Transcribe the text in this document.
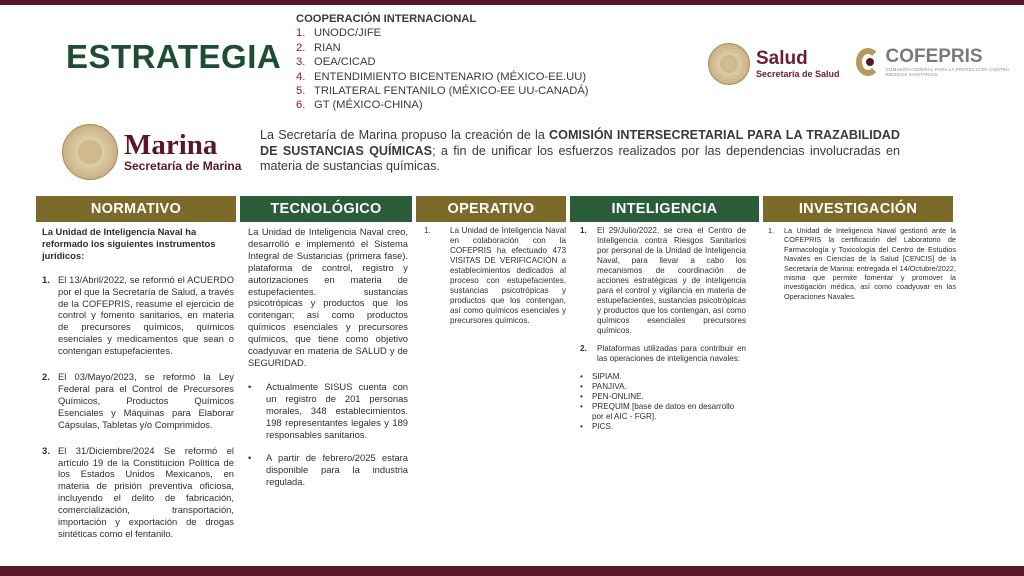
ESTRATEGIA
COOPERACIÓN INTERNACIONAL
1. UNODC/JIFE
2. RIAN
3. OEA/CICAD
4. ENTENDIMIENTO BICENTENARIO (MÉXICO-EE.UU)
5. TRILATERAL FENTANILO (MÉXICO-EE UU-CANADÁ)
6. GT (MÉXICO-CHINA)
Salud
Secretaría de Salud
COFEPRIS
COMISIÓN FEDERAL PARA LA PROTECCIÓN CONTRA RIESGOS SANITARIOS
Marina
Secretaría de Marina
La Secretaría de Marina propuso la creación de la COMISIÓN INTERSECRETARIAL PARA LA TRAZABILIDAD DE SUSTANCIAS QUÍMICAS; a fin de unificar los esfuerzos realizados por las dependencias involucradas en materia de sustancias químicas.
NORMATIVO	TECNOLÓGICO	OPERATIVO	INTELIGENCIA	INVESTIGACIÓN
La Unidad de Inteligencia Naval ha reformado los siguientes instrumentos jurídicos:
1. El 13/Abril/2022, se reformó el ACUERDO por el que la Secretaría de Salud, a través de la COFEPRIS, reasume el ejercicio de control y fomento sanitarios, en materia de precursores químicos, químicos esenciales y medicamentos que sean o contengan estupefacientes.
2. El 03/Mayo/2023, se reformó la Ley Federal para el Control de Precursores Químicos, Productos Químicos Esenciales y Máquinas para Elaborar Cápsulas, Tabletas y/o Comprimidos.
3. El 31/Diciembre/2024 Se reformó el artículo 19 de la Constitucion Política de los Estados Unidos Mexicanos, en materia de prisión preventiva oficiosa, incluyendo el delito de fabricación, comercialización, transportación, importación y exportación de drogas sintéticas como el fentanilo.
La Unidad de Inteligencia Naval creo, desarrolló e implementó el Sistema Integral de Sustancias (primera fase). plataforma de control, registro y autorizaciones en materia de estupefacientes. sustancias psicotrópicas y productos que los contengan; así como productos químicos esenciales y precursores químicos, que tiene como objetivo coadyuvar en materia de SALUD y de SEGURIDAD.
•	Actualmente SISUS cuenta con un registro de 201 personas morales, 348 establecimientos. 198 representantes legales y 189 responsables sanitarios.
•	A partir de febrero/2025 estara disponible para la industria regulada.
1.	La Unidad de Inteligencia Naval en colaboración con la COFEPRIS ha efectuado 473 VISITAS DE VERIFICACIÓN a establecimientos dedicados al proceso con estupefacientes, sustancias psicotrópicas y productos que los contengan, así como químicos esenciales y precursores químicos.
1.	El 29/Julio/2022, se crea el Centro de Inteligencia contra Riesgos Sanitarios por personal de la Unidad de Inteligencia Naval, para llevar a cabo los mecanismos de coordinación de acciones estratégicas y de inteligencia para el control y vigilancia en materia de estupefacientes, sustancias psicotrópicas y productos que los contengan, así como químicos esenciales precursores químicos.
2.	Plataformas utilizadas para contribuir en las operaciones de inteligencia navales:
•	SIPIAM.
•	PANJIVA.
•	PEN-ONLINE.
•	PREQUIM [base de datos en desarrollo por el AIC - FGR].
•	PICS.
1.	La Unidad de Inteligencia Naval gestionó ante la COFEPRIS la certificación del Laboratorio de Farmacología y Toxicología del Centro de Estudios Navales en Ciencias de la Salud [CENCIS] de la Secretaría de Marina: entregada el 14/Octubre/2022, misma que permite fomentar y promover la investigación médica, así como coadyuvar en las Operaciones Navales.
